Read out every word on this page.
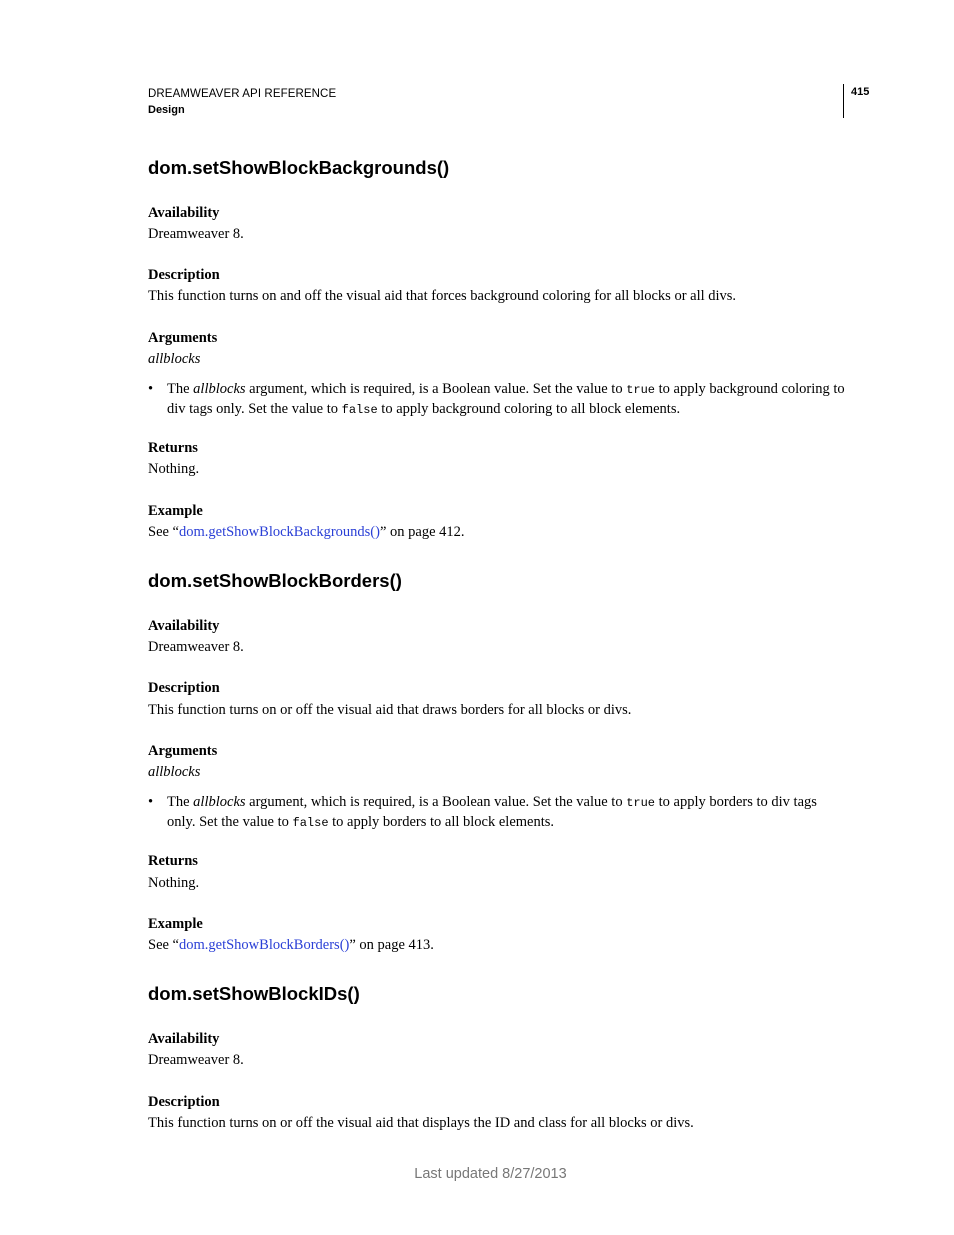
DREAMWEAVER API REFERENCE
Design
415
dom.setShowBlockBackgrounds()
Availability
Dreamweaver 8.
Description
This function turns on and off the visual aid that forces background coloring for all blocks or all divs.
Arguments
allblocks
• The allblocks argument, which is required, is a Boolean value. Set the value to true to apply background coloring to div tags only. Set the value to false to apply background coloring to all block elements.
Returns
Nothing.
Example
See “dom.getShowBlockBackgrounds()” on page 412.
dom.setShowBlockBorders()
Availability
Dreamweaver 8.
Description
This function turns on or off the visual aid that draws borders for all blocks or divs.
Arguments
allblocks
• The allblocks argument, which is required, is a Boolean value. Set the value to true to apply borders to div tags only. Set the value to false to apply borders to all block elements.
Returns
Nothing.
Example
See “dom.getShowBlockBorders()” on page 413.
dom.setShowBlockIDs()
Availability
Dreamweaver 8.
Description
This function turns on or off the visual aid that displays the ID and class for all blocks or divs.
Last updated 8/27/2013
